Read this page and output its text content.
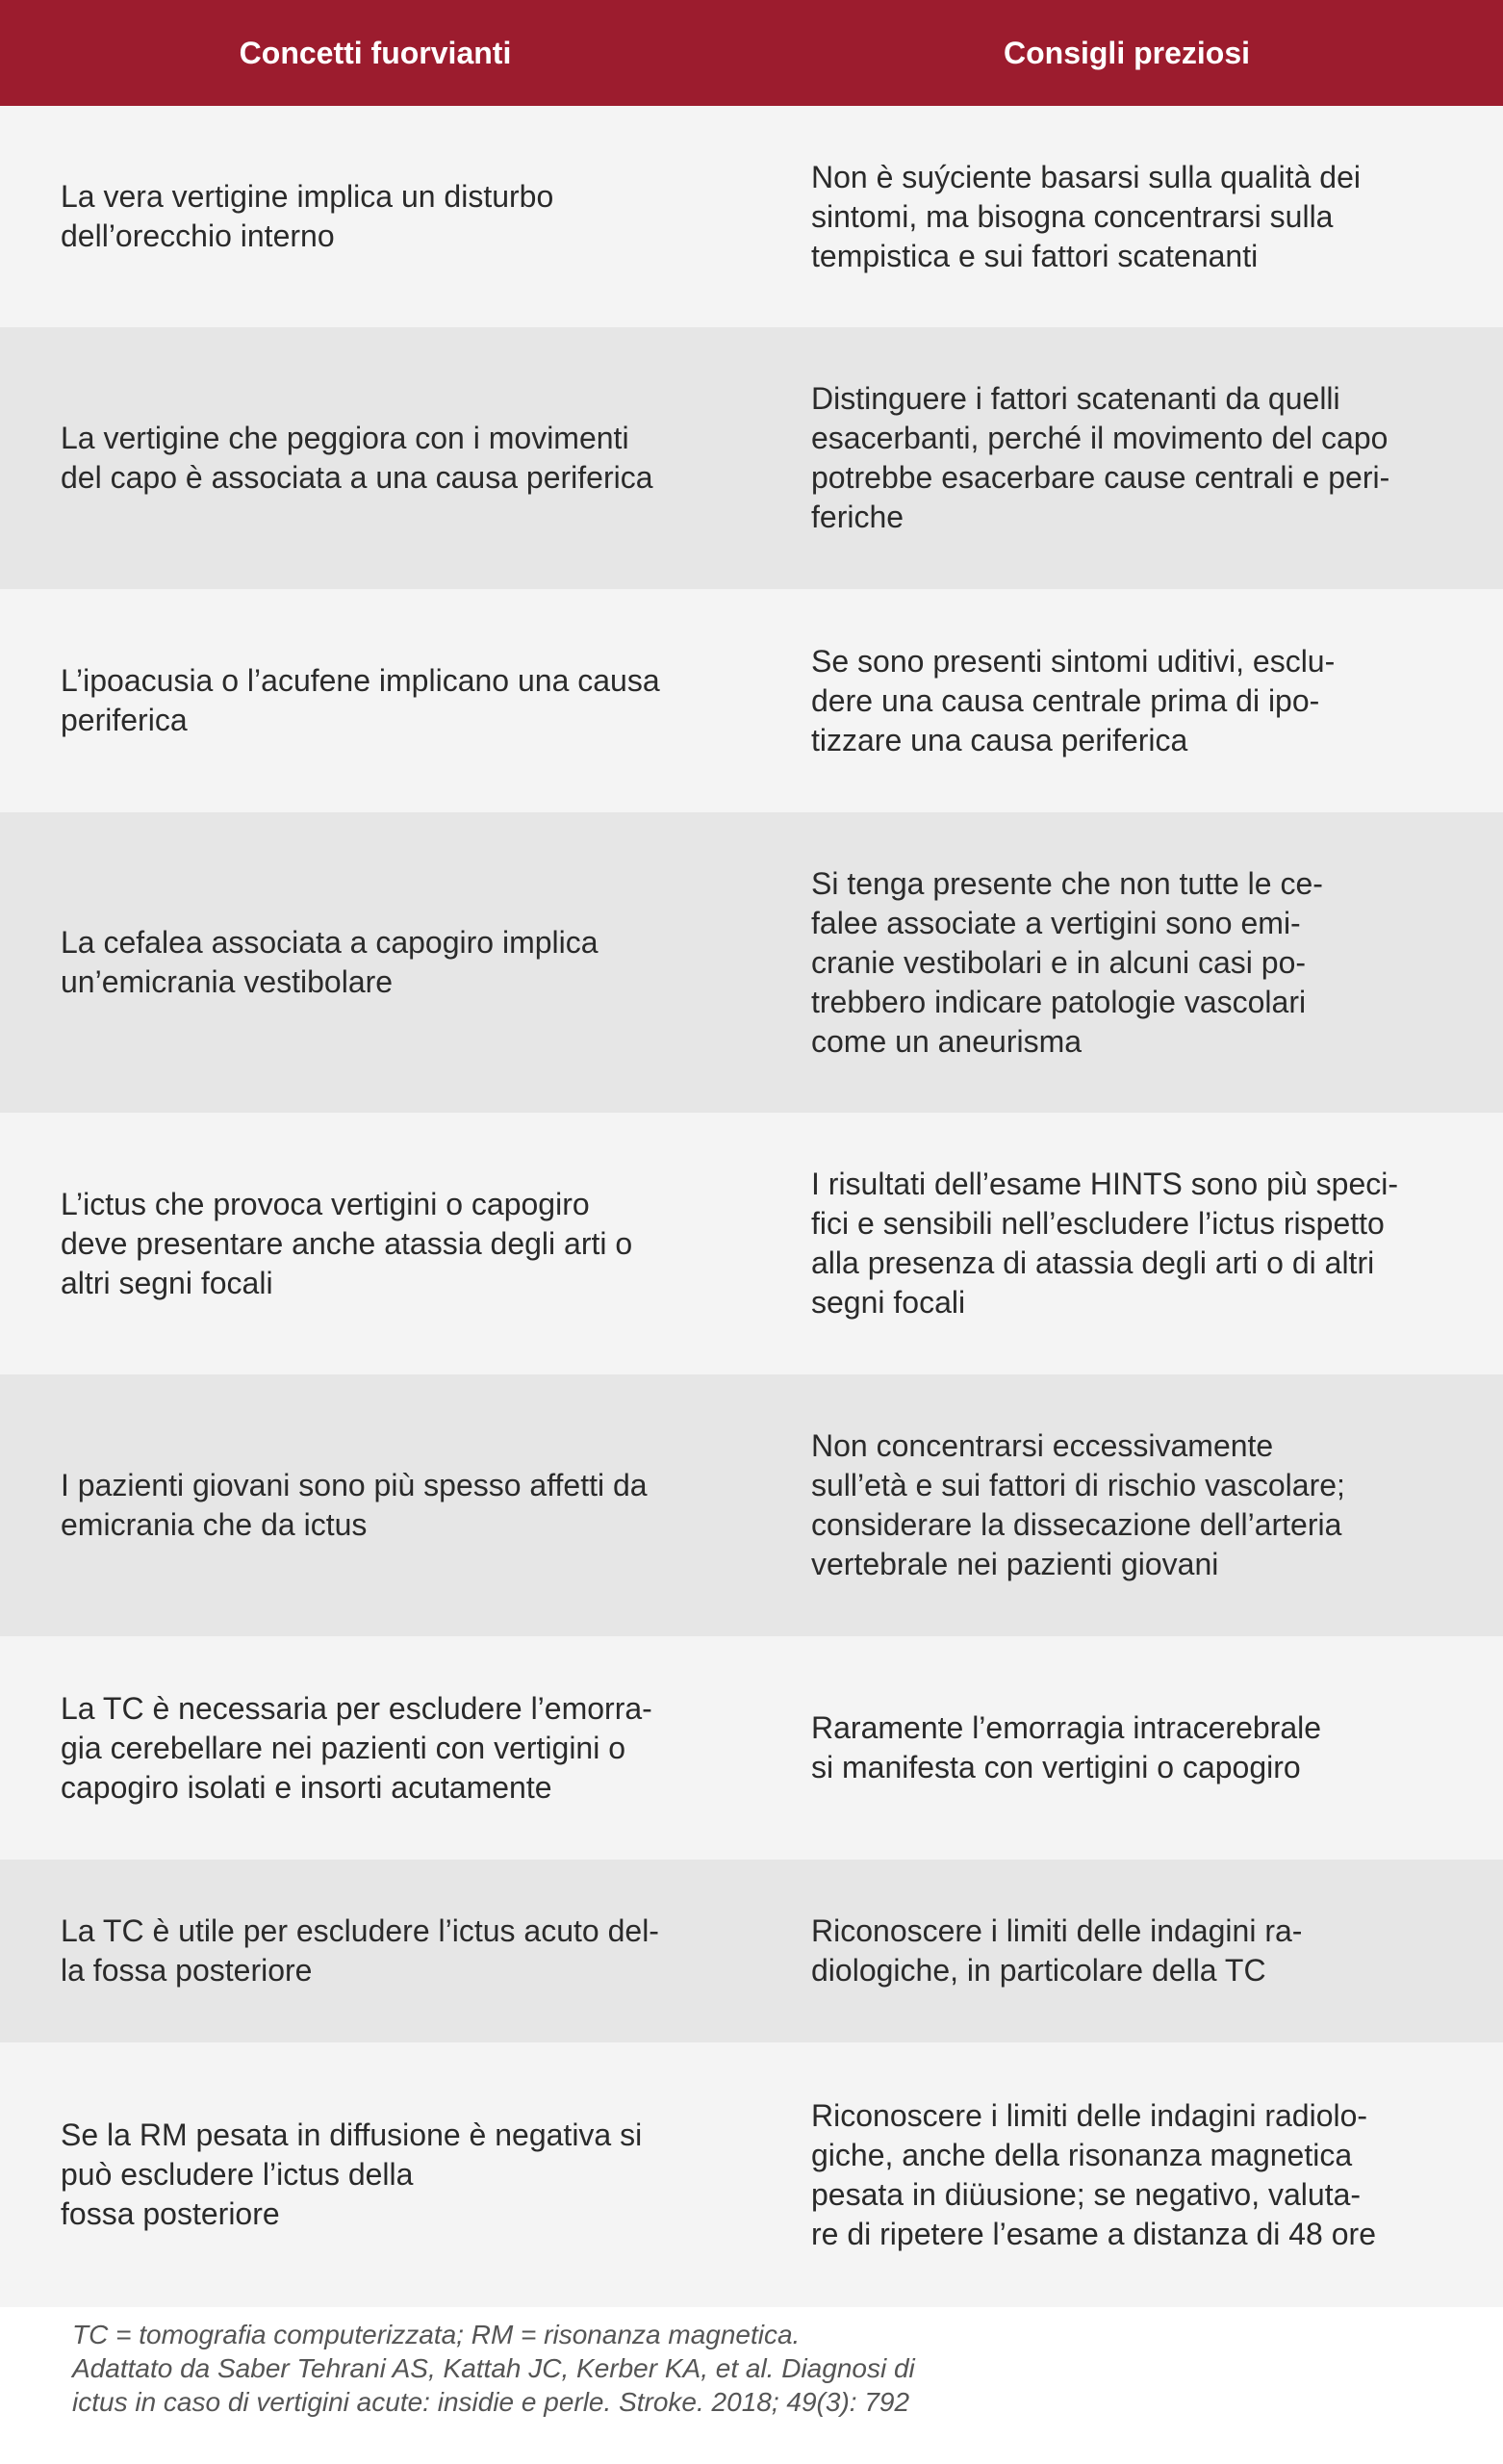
Concetti fuorvianti	Consigli preziosi
La vera vertigine implica un disturbo
dell’orecchio interno
Non è suýciente basarsi sulla qualità dei
sintomi, ma bisogna concentrarsi sulla
tempistica e sui fattori scatenanti
La vertigine che peggiora con i movimenti
del capo è associata a una causa periferica
Distinguere i fattori scatenanti da quelli
esacerbanti, perché il movimento del capo
potrebbe esacerbare cause centrali e peri-
feriche
L’ipoacusia o l’acufene implicano una causa
periferica
Se sono presenti sintomi uditivi, esclu-
dere una causa centrale prima di ipo-
tizzare una causa periferica
La cefalea associata a capogiro implica
un’emicrania vestibolare
Si tenga presente che non tutte le ce-
falee associate a vertigini sono emi-
cranie vestibolari e in alcuni casi po-
trebbero indicare patologie vascolari
come un aneurisma
L’ictus che provoca vertigini o capogiro
deve presentare anche atassia degli arti o
altri segni focali
I risultati dell’esame HINTS sono più speci-
fici e sensibili nell’escludere l’ictus rispetto
alla presenza di atassia degli arti o di altri
segni focali
I pazienti giovani sono più spesso affetti da
emicrania che da ictus
Non concentrarsi eccessivamente
sull’età e sui fattori di rischio vascolare;
considerare la dissecazione dell’arteria
vertebrale nei pazienti giovani
La TC è necessaria per escludere l’emorra-
gia cerebellare nei pazienti con vertigini o
capogiro isolati e insorti acutamente
Raramente l’emorragia intracerebrale
si manifesta con vertigini o capogiro
La TC è utile per escludere l’ictus acuto del-
la fossa posteriore
Riconoscere i limiti delle indagini ra-
diologiche, in particolare della TC
Se la RM pesata in diffusione è negativa si
può escludere l’ictus della
fossa posteriore
Riconoscere i limiti delle indagini radiolo-
giche, anche della risonanza magnetica
pesata in diüusione; se negativo, valuta-
re di ripetere l’esame a distanza di 48 ore
TC = tomografia computerizzata; RM = risonanza magnetica.
Adattato da Saber Tehrani AS, Kattah JC, Kerber KA, et al. Diagnosi di
ictus in caso di vertigini acute: insidie e perle. Stroke. 2018; 49(3): 792
